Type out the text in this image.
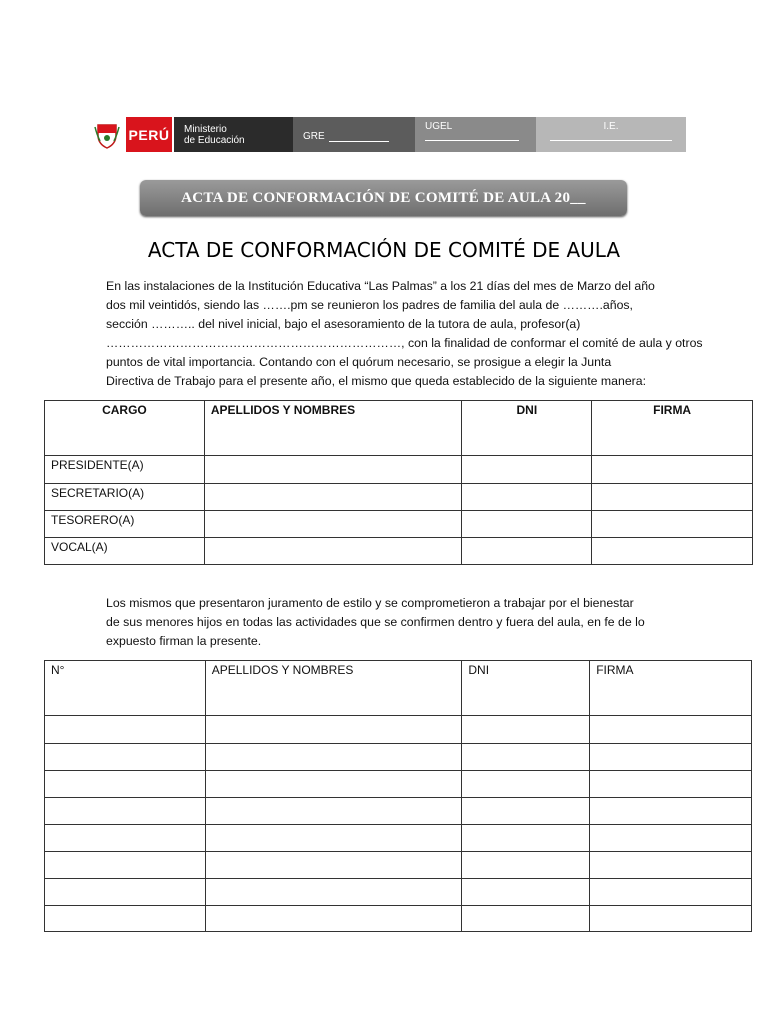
PERÚ Ministerio
de Educación	GRE
UGEL	I.E.
ACTA DE CONFORMACIÓN DE COMITÉ DE AULA 20__
ACTA DE CONFORMACIÓN DE COMITÉ DE AULA
En las instalaciones de la Institución Educativa “Las Palmas” a los 21 días del mes de Marzo del año
dos mil veintidós, siendo las …….pm se reunieron los padres de familia del aula de ……….años,
sección ……….. del nivel inicial, bajo el asesoramiento de la tutora de aula, profesor(a)
………………………………………………………………, con la finalidad de conformar el comité de aula y otros
puntos de vital importancia. Contando con el quórum necesario, se prosigue a elegir la Junta
Directiva de Trabajo para el presente año, el mismo que queda establecido de la siguiente manera:
CARGO	APELLIDOS Y NOMBRES	DNI	FIRMA
PRESIDENTE(A)			
SECRETARIO(A)			
TESORERO(A)			
VOCAL(A)			
Los mismos que presentaron juramento de estilo y se comprometieron a trabajar por el bienestar
de sus menores hijos en todas las actividades que se confirmen dentro y fuera del aula, en fe de lo
expuesto firman la presente.
N°	APELLIDOS Y NOMBRES	DNI	FIRMA
